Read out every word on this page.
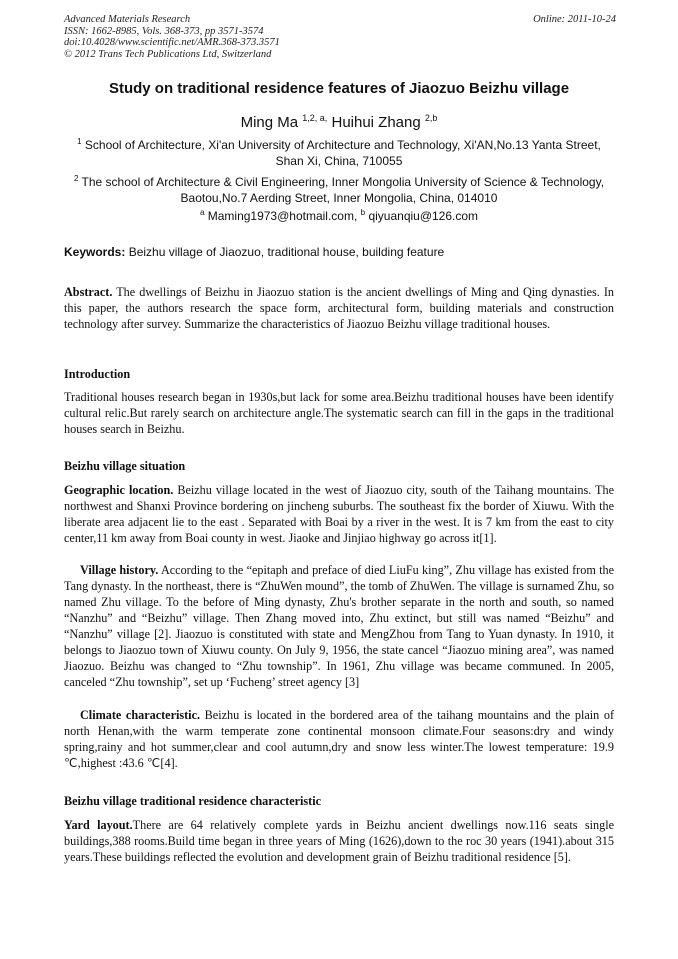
Advanced Materials Research
ISSN: 1662-8985, Vols. 368-373, pp 3571-3574
doi:10.4028/www.scientific.net/AMR.368-373.3571
© 2012 Trans Tech Publications Ltd, Switzerland
Online: 2011-10-24
Study on traditional residence features of Jiaozuo Beizhu village
Ming Ma $^{1,2, a,}$ Huihui Zhang $^{2,b}$
$^1$ School of Architecture, Xi'an University of Architecture and Technology, Xi'AN,No.13 Yanta Street, Shan Xi, China, 710055
$^2$ The school of Architecture & Civil Engineering, Inner Mongolia University of Science & Technology, Baotou,No.7 Aerding Street, Inner Mongolia, China, 014010
$^a$ Maming1973@hotmail.com, $^b$ qiyuanqiu@126.com
Keywords: Beizhu village of Jiaozuo, traditional house, building feature
Abstract. The dwellings of Beizhu in Jiaozuo station is the ancient dwellings of Ming and Qing dynasties. In this paper, the authors research the space form, architectural form, building materials and construction technology after survey. Summarize the characteristics of Jiaozuo Beizhu village traditional houses.
Introduction
Traditional houses research began in 1930s,but lack for some area.Beizhu traditional houses have been identify cultural relic.But rarely search on architecture angle.The systematic search can fill in the gaps in the traditional houses search in Beizhu.
Beizhu village situation
Geographic location. Beizhu village located in the west of Jiaozuo city, south of the Taihang mountains. The northwest and Shanxi Province bordering on jincheng suburbs. The southeast fix the border of Xiuwu. With the liberate area adjacent lie to the east . Separated with Boai by a river in the west. It is 7 km from the east to city center,11 km away from Boai county in west. Jiaoke and Jinjiao highway go across it[1].
Village history. According to the “epitaph and preface of died LiuFu king”, Zhu village has existed from the Tang dynasty. In the northeast, there is “ZhuWen mound”, the tomb of ZhuWen. The village is surnamed Zhu, so named Zhu village. To the before of Ming dynasty, Zhu's brother separate in the north and south, so named “Nanzhu” and “Beizhu” village. Then Zhang moved into, Zhu extinct, but still was named “Beizhu” and “Nanzhu” village [2]. Jiaozuo is constituted with state and MengZhou from Tang to Yuan dynasty. In 1910, it belongs to Jiaozuo town of Xiuwu county. On July 9, 1956, the state cancel “Jiaozuo mining area”, was named Jiaozuo. Beizhu was changed to “Zhu township”. In 1961, Zhu village was became communed. In 2005, canceled “Zhu township”, set up ‘Fucheng’ street agency [3]
Climate characteristic. Beizhu is located in the bordered area of the taihang mountains and the plain of north Henan,with the warm temperate zone continental monsoon climate.Four seasons:dry and windy spring,rainy and hot summer,clear and cool autumn,dry and snow less winter.The lowest temperature: 19.9 ℃,highest :43.6 ℃[4].
Beizhu village traditional residence characteristic
Yard layout.There are 64 relatively complete yards in Beizhu ancient dwellings now.116 seats single buildings,388 rooms.Build time began in three years of Ming (1626),down to the roc 30 years (1941).about 315 years.These buildings reflected the evolution and development grain of Beizhu traditional residence [5].
